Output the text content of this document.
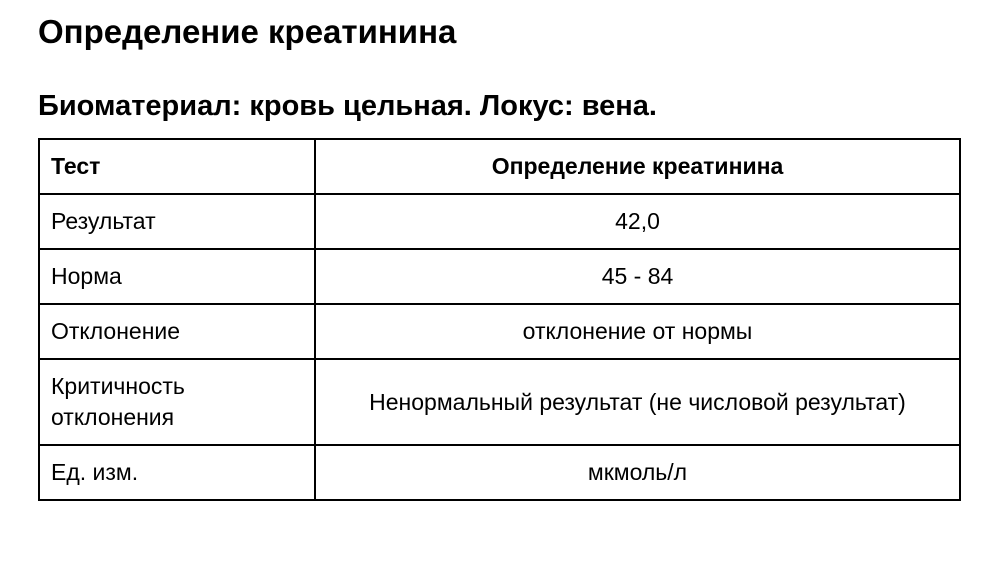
Определение креатинина
Биоматериал: кровь цельная. Локус: вена.
Тест	Определение креатинина
Результат	42,0
Норма	45 - 84
Отклонение	отклонение от нормы
Критичность отклонения	Ненормальный результат (не числовой результат)
Ед. изм.	мкмоль/л
